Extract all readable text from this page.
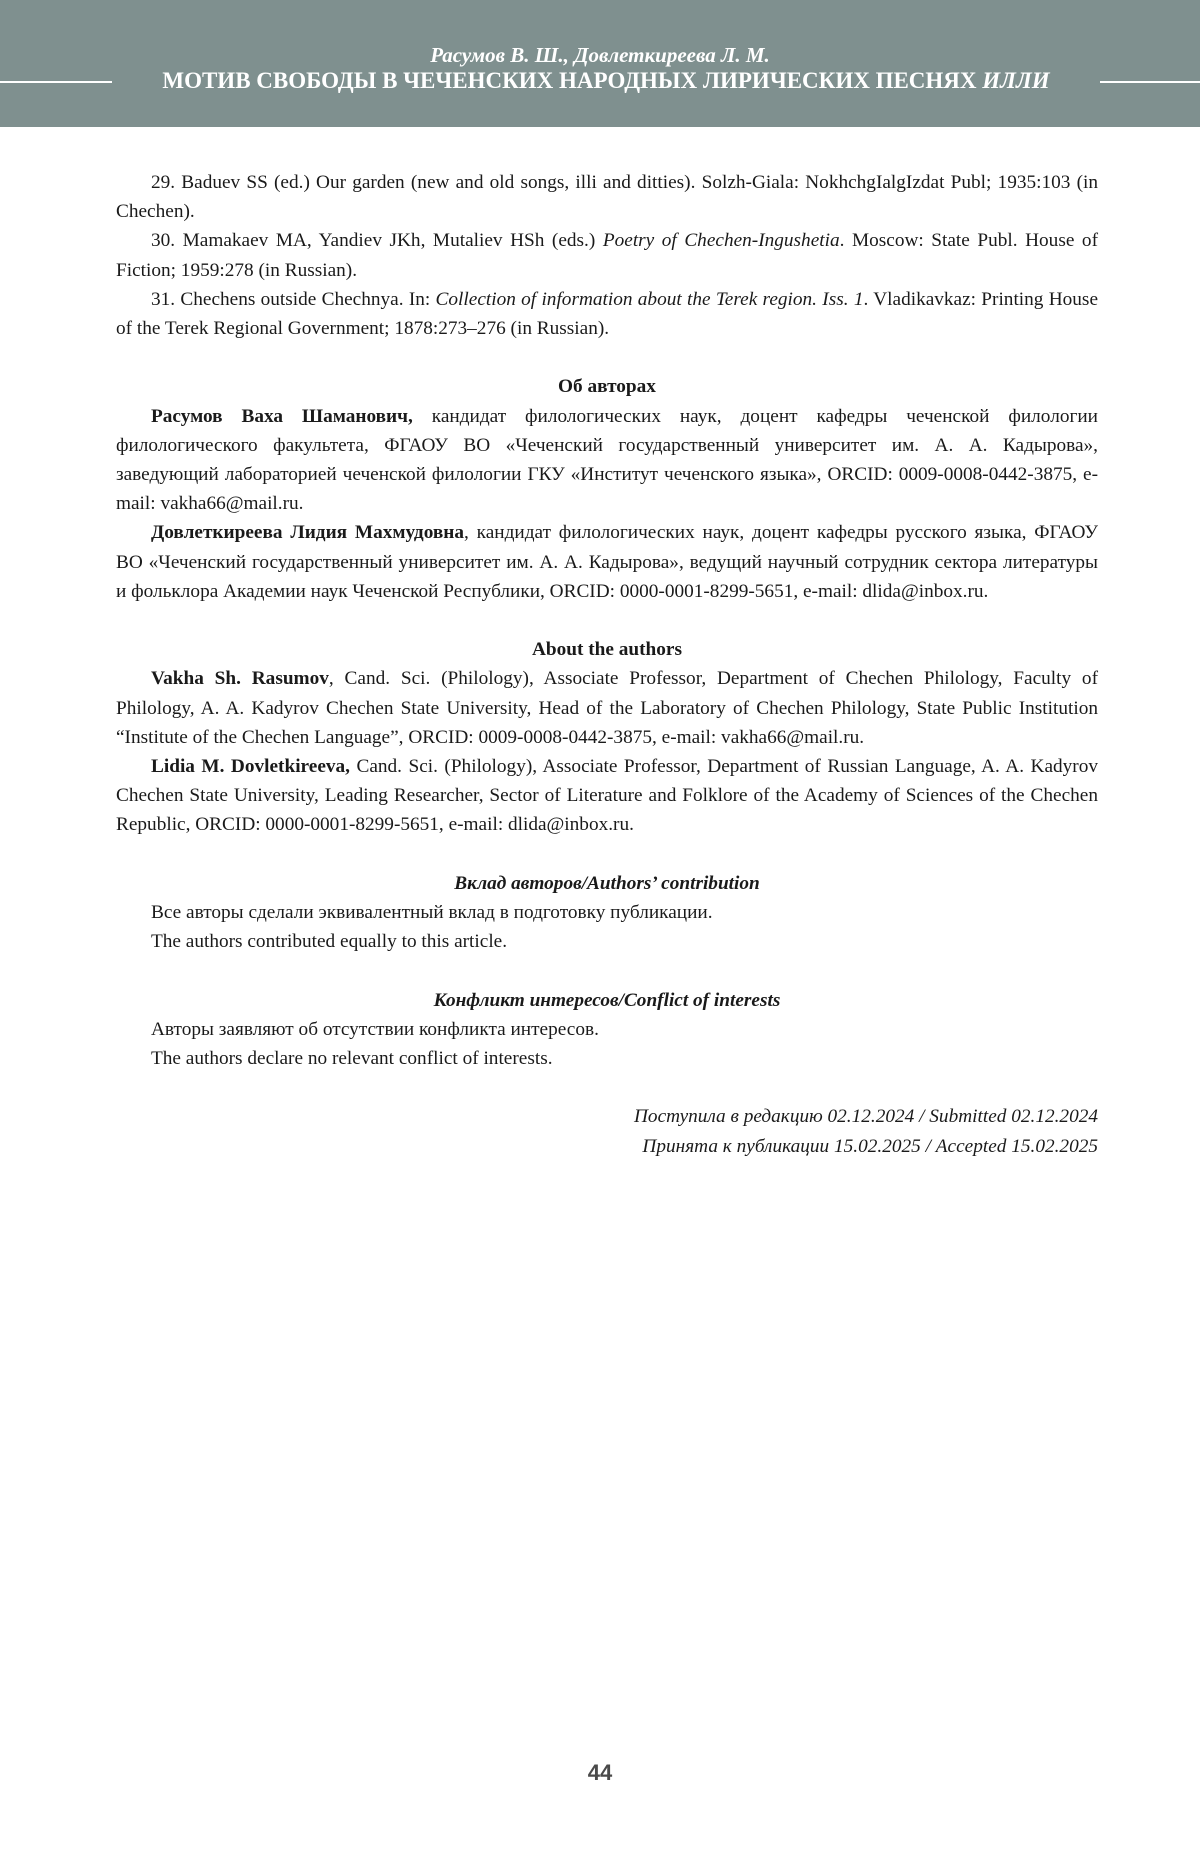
Расумов В. Ш., Довлеткиреева Л. М.
МОТИВ СВОБОДЫ В ЧЕЧЕНСКИХ НАРОДНЫХ ЛИРИЧЕСКИХ ПЕСНЯХ ИЛЛИ

29. Baduev SS (ed.) Our garden (new and old songs, illi and ditties). Solzh-Giala: NokhchgIalgIzdat Publ; 1935:103 (in Chechen).

30. Mamakaev MA, Yandiev JKh, Mutaliev HSh (eds.) Poetry of Chechen-Ingushetia. Moscow: State Publ. House of Fiction; 1959:278 (in Russian).

31. Chechens outside Chechnya. In: Collection of information about the Terek region. Iss. 1. Vladikavkaz: Printing House of the Terek Regional Government; 1878:273–276 (in Russian).

Об авторах

Расумов Ваха Шаманович, кандидат филологических наук, доцент кафедры чеченской филологии филологического факультета, ФГАОУ ВО «Чеченский государственный университет им. А. А. Кадырова», заведующий лабораторией чеченской филологии ГКУ «Институт чеченского языка», ORCID: 0009-0008-0442-3875, e-mail: vakha66@mail.ru.

Довлеткиреева Лидия Махмудовна, кандидат филологических наук, доцент кафедры русского языка, ФГАОУ ВО «Чеченский государственный университет им. А. А. Кадырова», ведущий научный сотрудник сектора литературы и фольклора Академии наук Чеченской Республики, ORCID: 0000-0001-8299-5651, e-mail: dlida@inbox.ru.

About the authors

Vakha Sh. Rasumov, Cand. Sci. (Philology), Associate Professor, Department of Chechen Philology, Faculty of Philology, A. A. Kadyrov Chechen State University, Head of the Laboratory of Chechen Philology, State Public Institution “Institute of the Chechen Language”, ORCID: 0009-0008-0442-3875, e-mail: vakha66@mail.ru.

Lidia M. Dovletkireeva, Cand. Sci. (Philology), Associate Professor, Department of Russian Language, A. A. Kadyrov Chechen State University, Leading Researcher, Sector of Literature and Folklore of the Academy of Sciences of the Chechen Republic, ORCID: 0000-0001-8299-5651, e-mail: dlida@inbox.ru.

Вклад авторов/Authors’ contribution

Все авторы сделали эквивалентный вклад в подготовку публикации.

The authors contributed equally to this article.

Конфликт интересов/Conflict of interests

Авторы заявляют об отсутствии конфликта интересов.

The authors declare no relevant conflict of interests.

Поступила в редакцию 02.12.2024 / Submitted 02.12.2024

Принята к публикации 15.02.2025 / Accepted 15.02.2025

44
